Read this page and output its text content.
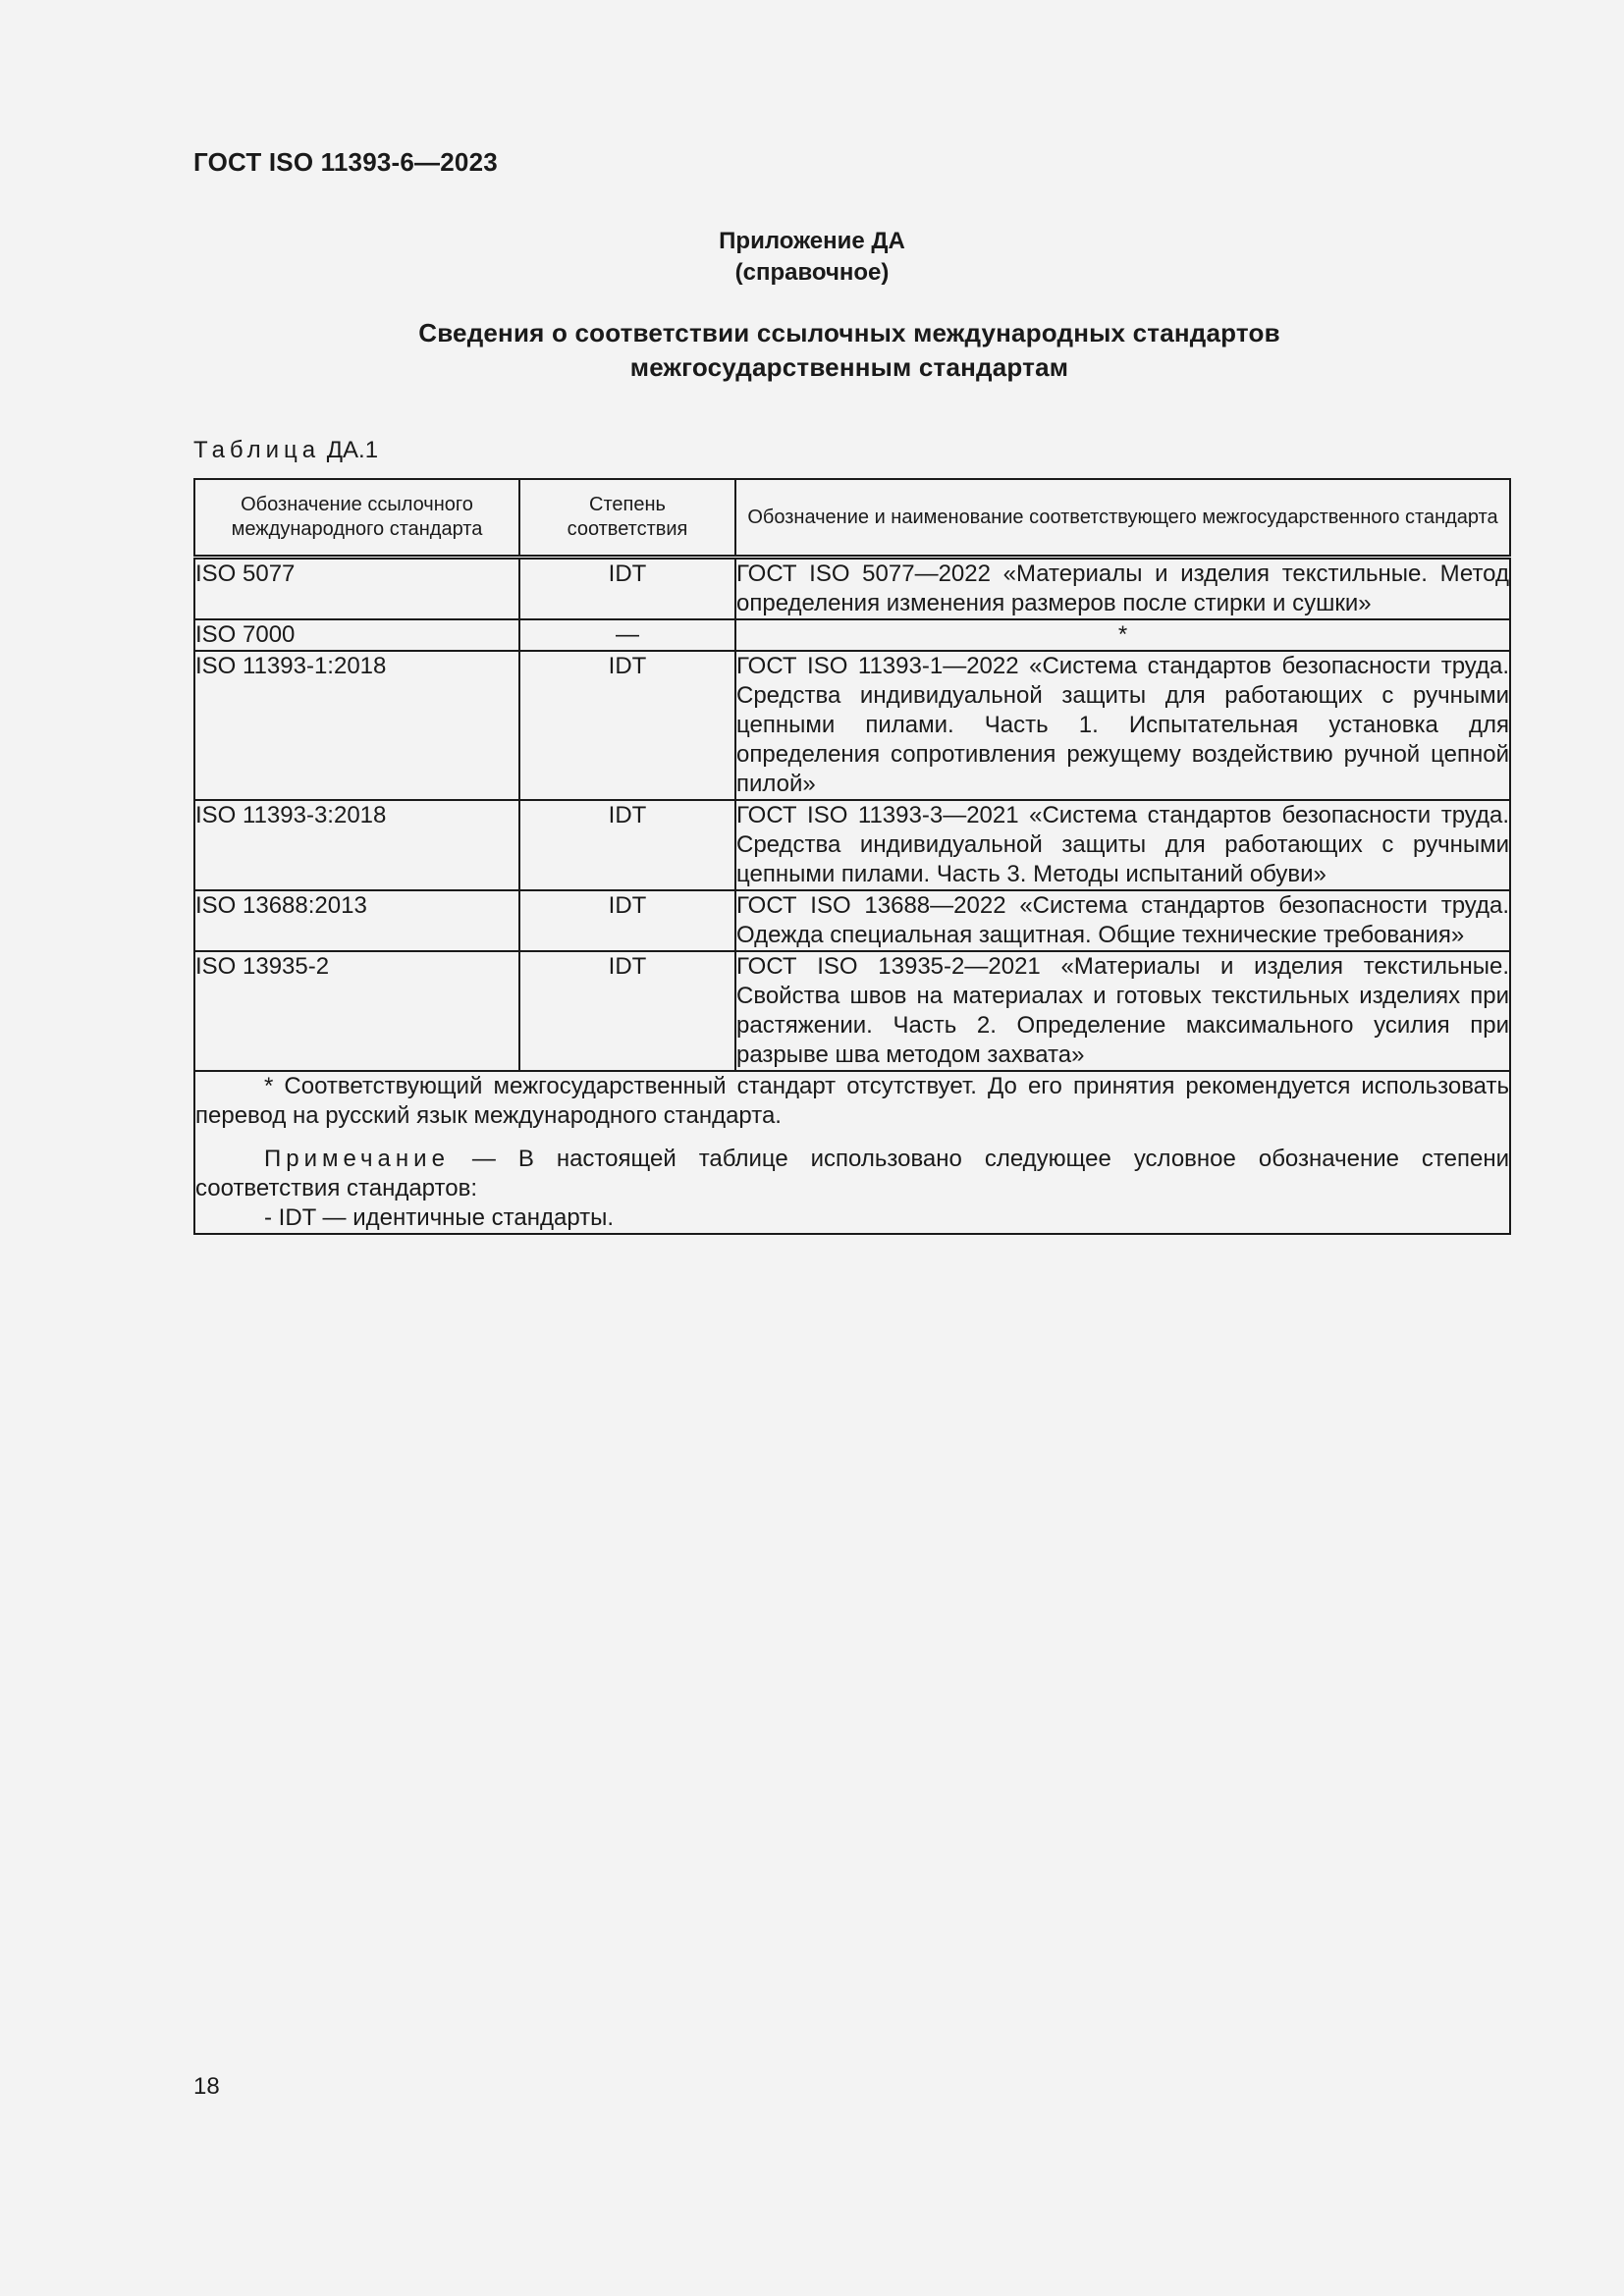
ГОСТ ISO 11393-6—2023
Приложение ДА
(справочное)
Сведения о соответствии ссылочных международных стандартов
межгосударственным стандартам
Таблица ДА.1
Обозначение ссылочного международного стандарта	Степень соответствия	Обозначение и наименование соответствующего межгосударственного стандарта
ISO 5077	IDT	ГОСТ ISO 5077—2022 «Материалы и изделия текстильные. Метод определения изменения размеров после стирки и сушки»
ISO 7000	—	*
ISO 11393-1:2018	IDT	ГОСТ ISO 11393-1—2022 «Система стандартов безопасности труда. Средства индивидуальной защиты для работающих с ручными цепными пилами. Часть 1. Испытательная установка для определения сопротивления режущему воздействию ручной цепной пилой»
ISO 11393-3:2018	IDT	ГОСТ ISO 11393-3—2021 «Система стандартов безопасности труда. Средства индивидуальной защиты для работающих с ручными цепными пилами. Часть 3. Методы испытаний обуви»
ISO 13688:2013	IDT	ГОСТ ISO 13688—2022 «Система стандартов безопасности труда. Одежда специальная защитная. Общие технические требования»
ISO 13935-2	IDT	ГОСТ ISO 13935-2—2021 «Материалы и изделия текстильные. Свойства швов на материалах и готовых текстильных изделиях при растяжении. Часть 2. Определение максимального усилия при разрыве шва методом захвата»

* Соответствующий межгосударственный стандарт отсутствует. До его принятия рекомендуется использовать перевод на русский язык международного стандарта.

Примечание — В настоящей таблице использовано следующее условное обозначение степени соответствия стандартов:

- IDT — идентичные стандарты.		

18
